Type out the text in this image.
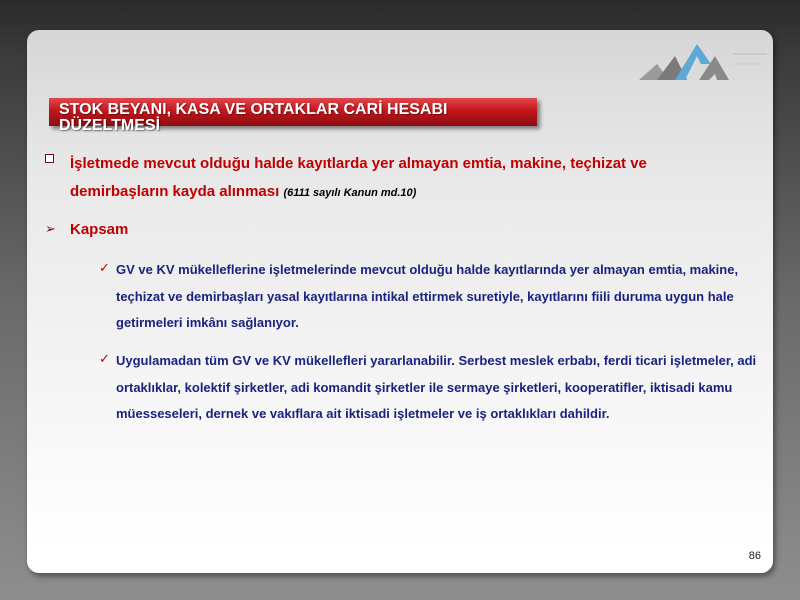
STOK BEYANI, KASA VE ORTAKLAR CARİ HESABI DÜZELTMESİ
İşletmede mevcut olduğu halde kayıtlarda yer almayan emtia, makine, teçhizat ve demirbaşların kayda alınması (6111 sayılı Kanun md.10)
➢ Kapsam
✓ GV ve KV mükelleflerine işletmelerinde mevcut olduğu halde kayıtlarında yer almayan emtia, makine, teçhizat ve demirbaşları yasal kayıtlarına intikal ettirmek suretiyle, kayıtlarını fiili duruma uygun hale getirmeleri imkânı sağlanıyor.
✓ Uygulamadan tüm GV ve KV mükellefleri yararlanabilir. Serbest meslek erbabı, ferdi ticari işletmeler, adi ortaklıklar, kolektif şirketler, adi komandit şirketler ile sermaye şirketleri, kooperatifler, iktisadi kamu müesseseleri, dernek ve vakıflara ait iktisadi işletmeler ve iş ortaklıkları dahildir.
86
